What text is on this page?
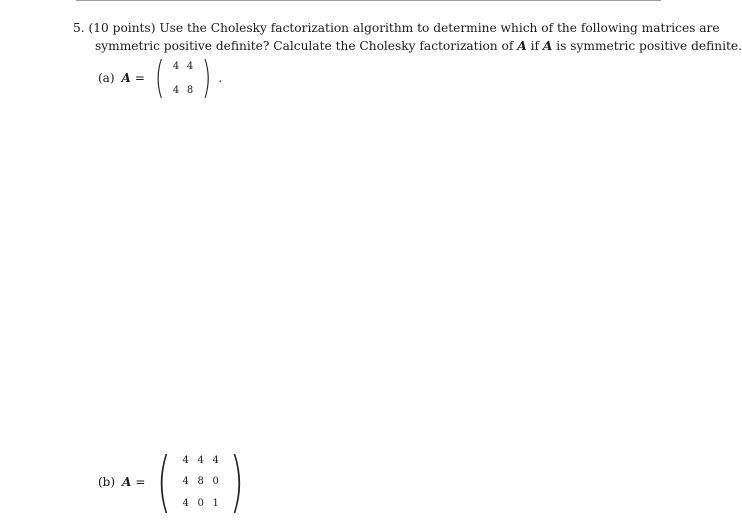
5. (10 points) Use the Cholesky factorization algorithm to determine which of the following matrices are
symmetric positive definite? Calculate the Cholesky factorization of A if A is symmetric positive definite.
(a) A = ( 4 4
4 8 ) .
(b) A = ( 4 4 4
4 8 0
4 0 1 )
